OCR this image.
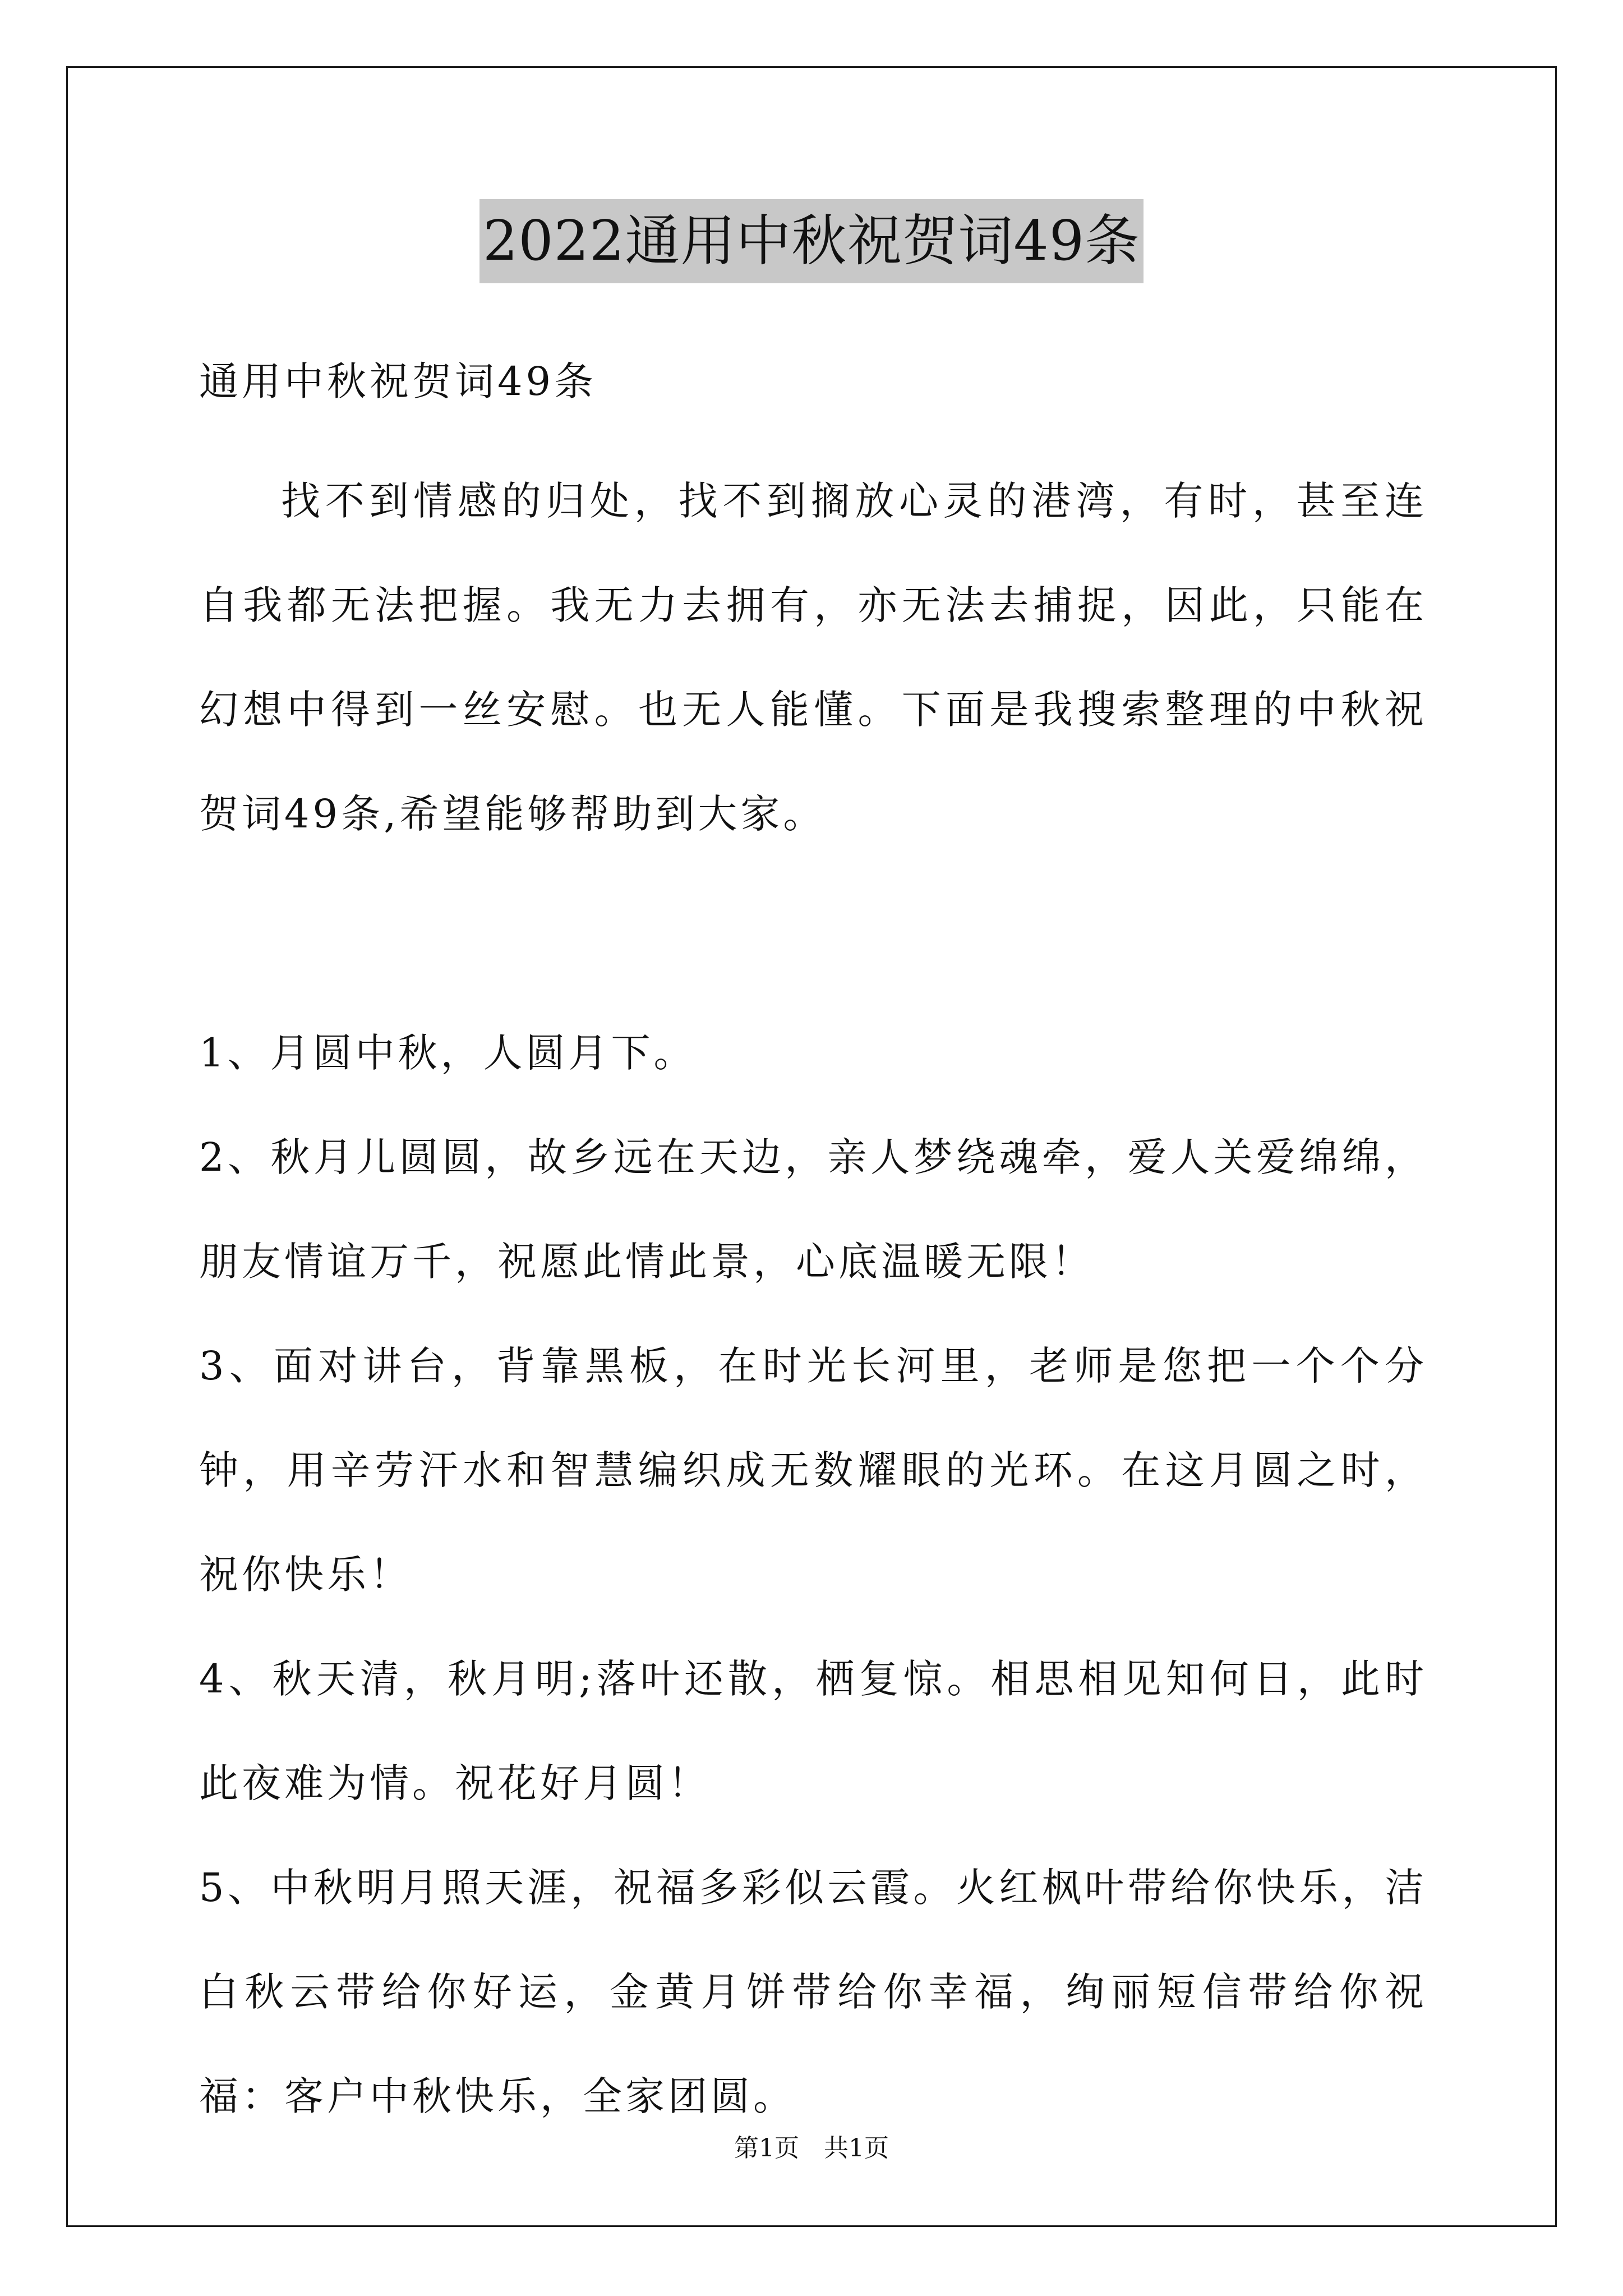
2022通用中秋祝贺词49条

通用中秋祝贺词49条

找不到情感的归处，找不到搁放心灵的港湾，有时，甚至连自我都无法把握。我无力去拥有，亦无法去捕捉，因此，只能在幻想中得到一丝安慰。也无人能懂。下面是我搜索整理的中秋祝贺词49条,希望能够帮助到大家。

1、月圆中秋，人圆月下。

2、秋月儿圆圆，故乡远在天边，亲人梦绕魂牵，爱人关爱绵绵，朋友情谊万千，祝愿此情此景，心底温暖无限！

3、面对讲台，背靠黑板，在时光长河里，老师是您把一个个分钟，用辛劳汗水和智慧编织成无数耀眼的光环。在这月圆之时，祝你快乐！

4、秋天清，秋月明;落叶还散，栖复惊。相思相见知何日，此时此夜难为情。祝花好月圆！

5、中秋明月照天涯，祝福多彩似云霞。火红枫叶带给你快乐，洁白秋云带给你好运，金黄月饼带给你幸福，绚丽短信带给你祝福：客户中秋快乐，全家团圆。

第1页　共1页
